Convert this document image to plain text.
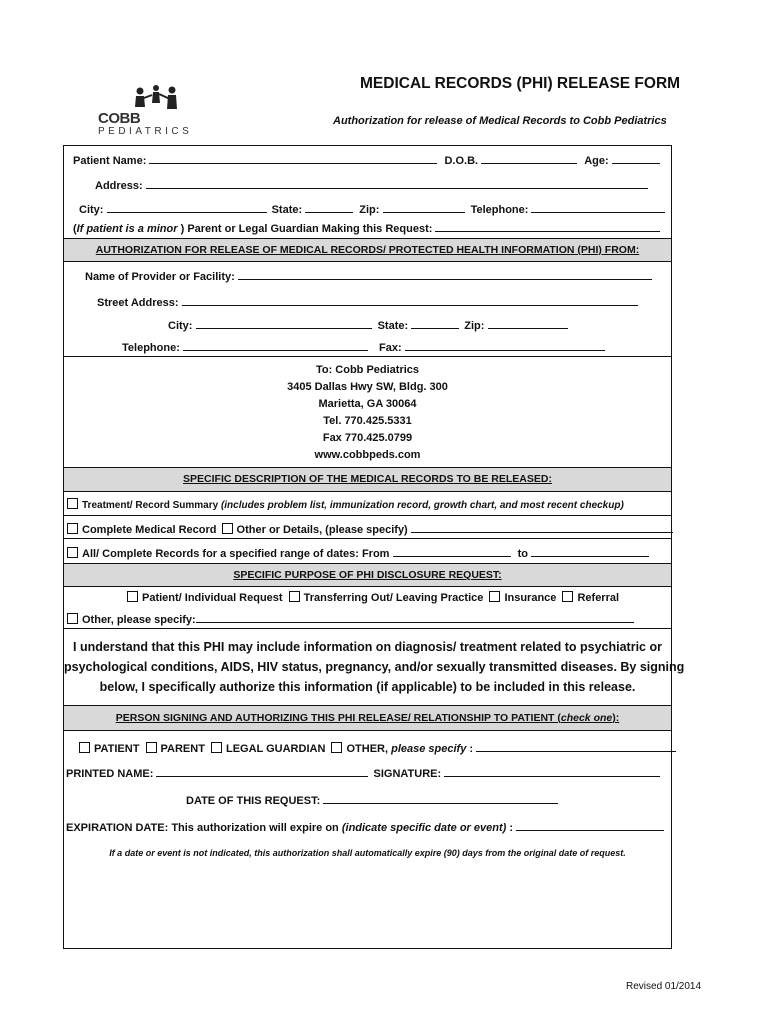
COBB
PEDIATRICS
MEDICAL RECORDS (PHI) RELEASE FORM
Authorization for release of Medical Records to Cobb Pediatrics
Patient Name:	D.O.B.	Age:
Address:
City:	State:	Zip:	Telephone:
(If patient is a minor ) Parent or Legal Guardian Making this Request:
AUTHORIZATION FOR RELEASE OF MEDICAL RECORDS/ PROTECTED HEALTH INFORMATION (PHI) FROM:
Name of Provider or Facility:
Street Address:
City:	State:	Zip:
Telephone:	Fax:
To: Cobb Pediatrics
3405 Dallas Hwy SW, Bldg. 300
Marietta, GA 30064
Tel. 770.425.5331
Fax 770.425.0799
www.cobbpeds.com
SPECIFIC DESCRIPTION OF THE MEDICAL RECORDS TO BE RELEASED:
Treatment/ Record Summary (includes problem list, immunization record, growth chart, and most recent checkup)
Complete Medical Record Other or Details, (please specify)
All/ Complete Records for a specified range of dates: From	to
SPECIFIC PURPOSE OF PHI DISCLOSURE REQUEST:
Patient/ Individual Request Transferring Out/ Leaving Practice Insurance Referral
Other, please specify:
I understand that this PHI may include information on diagnosis/ treatment related to psychiatric or
psychological conditions, AIDS, HIV status, pregnancy, and/or sexually transmitted diseases. By signing
below, I specifically authorize this information (if applicable) to be included in this release.
PERSON SIGNING AND AUTHORIZING THIS PHI RELEASE/ RELATIONSHIP TO PATIENT (check one):
PATIENT PARENT LEGAL GUARDIAN OTHER, please specify :
PRINTED NAME:	SIGNATURE:
DATE OF THIS REQUEST:
EXPIRATION DATE: This authorization will expire on (indicate specific date or event) :
If a date or event is not indicated, this authorization shall automatically expire (90) days from the original date of request.
Revised 01/2014
